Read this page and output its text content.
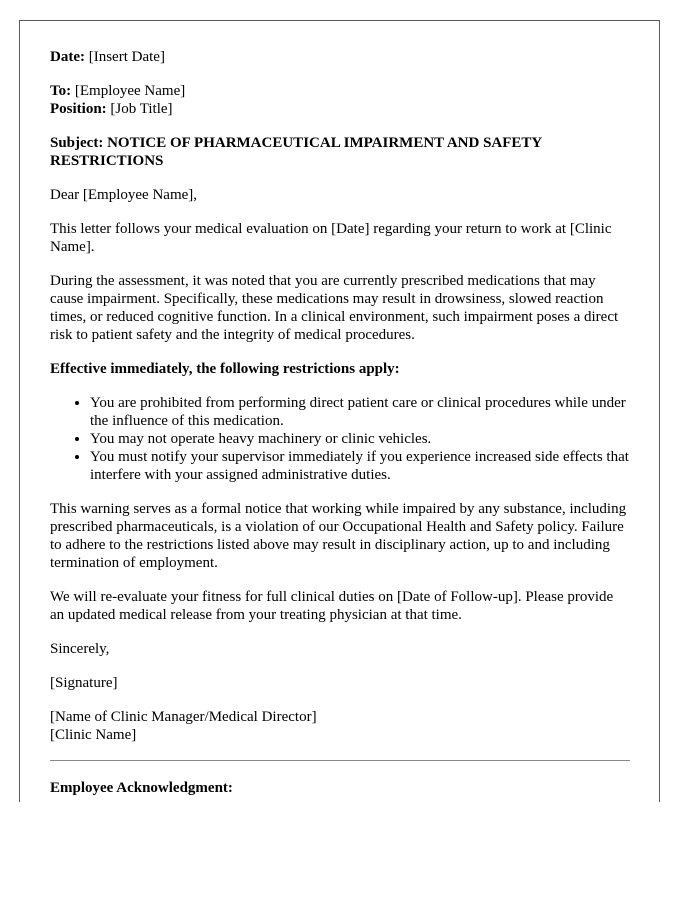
Date: [Insert Date]
To: [Employee Name]
Position: [Job Title]
Subject: NOTICE OF PHARMACEUTICAL IMPAIRMENT AND SAFETY RESTRICTIONS
Dear [Employee Name],
This letter follows your medical evaluation on [Date] regarding your return to work at [Clinic Name].
During the assessment, it was noted that you are currently prescribed medications that may cause impairment. Specifically, these medications may result in drowsiness, slowed reaction times, or reduced cognitive function. In a clinical environment, such impairment poses a direct risk to patient safety and the integrity of medical procedures.
Effective immediately, the following restrictions apply:
• You are prohibited from performing direct patient care or clinical procedures while under the influence of this medication.
• You may not operate heavy machinery or clinic vehicles.
• You must notify your supervisor immediately if you experience increased side effects that interfere with your assigned administrative duties.
This warning serves as a formal notice that working while impaired by any substance, including prescribed pharmaceuticals, is a violation of our Occupational Health and Safety policy. Failure to adhere to the restrictions listed above may result in disciplinary action, up to and including termination of employment.
We will re-evaluate your fitness for full clinical duties on [Date of Follow-up]. Please provide an updated medical release from your treating physician at that time.
Sincerely,
[Signature]
[Name of Clinic Manager/Medical Director]
[Clinic Name]
Employee Acknowledgment:
